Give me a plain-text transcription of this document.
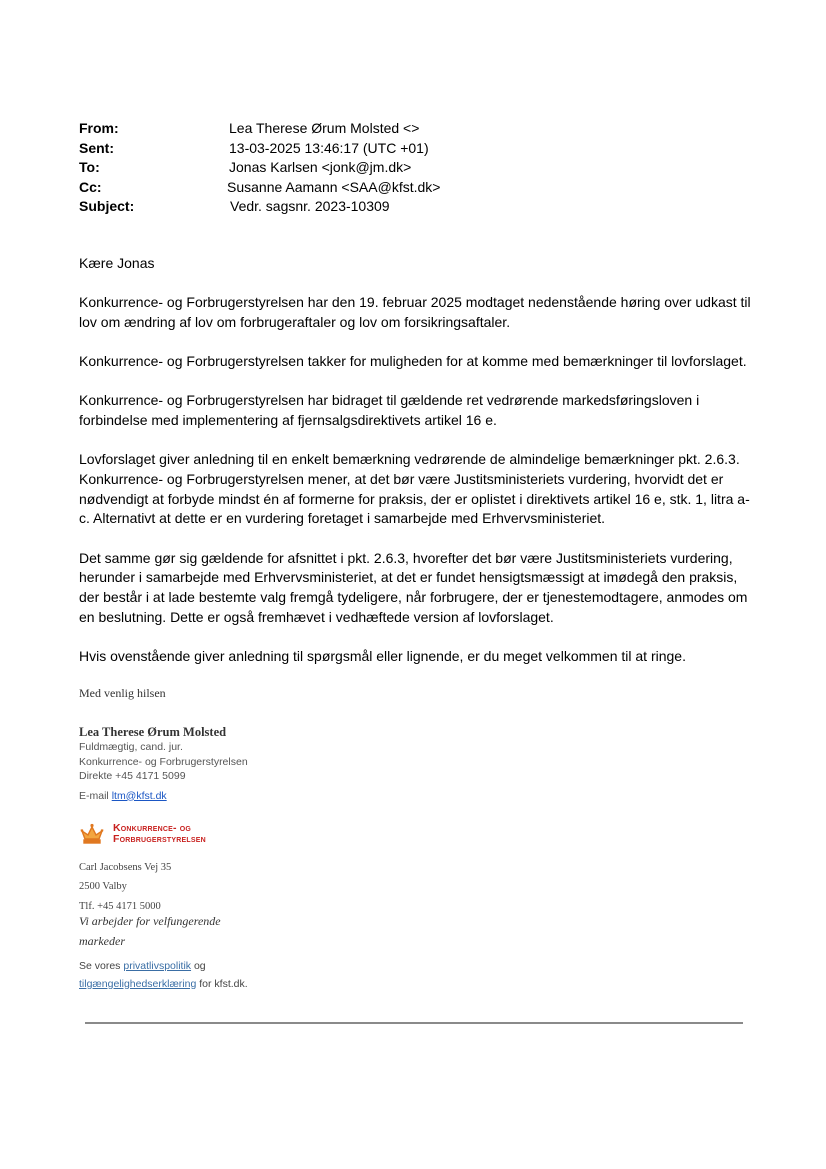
From:	Lea Therese Ørum Molsted <>
Sent:	13-03-2025 13:46:17 (UTC +01)
To:	Jonas Karlsen <jonk@jm.dk>
Cc:	Susanne Aamann <SAA@kfst.dk>
Subject:	Vedr. sagsnr. 2023-10309

Kære Jonas

Konkurrence- og Forbrugerstyrelsen har den 19. februar 2025 modtaget nedenstående høring over udkast til lov om ændring af lov om forbrugeraftaler og lov om forsikringsaftaler.

Konkurrence- og Forbrugerstyrelsen takker for muligheden for at komme med bemærkninger til lovforslaget.

Konkurrence- og Forbrugerstyrelsen har bidraget til gældende ret vedrørende markedsføringsloven i forbindelse med implementering af fjernsalgsdirektivets artikel 16 e.

Lovforslaget giver anledning til en enkelt bemærkning vedrørende de almindelige bemærkninger pkt. 2.6.3. Konkurrence- og Forbrugerstyrelsen mener, at det bør være Justitsministeriets vurdering, hvorvidt det er nødvendigt at forbyde mindst én af formerne for praksis, der er oplistet i direktivets artikel 16 e, stk. 1, litra a-c. Alternativt at dette er en vurdering foretaget i samarbejde med Erhvervsministeriet.

Det samme gør sig gældende for afsnittet i pkt. 2.6.3, hvorefter det bør være Justitsministeriets vurdering, herunder i samarbejde med Erhvervsministeriet, at det er fundet hensigtsmæssigt at imødegå den praksis, der består i at lade bestemte valg fremgå tydeligere, når forbrugere, der er tjenestemodtagere, anmodes om en beslutning. Dette er også fremhævet i vedhæftede version af lovforslaget.

Hvis ovenstående giver anledning til spørgsmål eller lignende, er du meget velkommen til at ringe.

Med venlig hilsen
Lea Therese Ørum Molsted
Fuldmægtig, cand. jur.
Konkurrence- og Forbrugerstyrelsen
Direkte +45 4171 5099
E-mail ltm@kfst.dk
Konkurrence- og
Forbrugerstyrelsen
Carl Jacobsens Vej 35
2500 Valby
Tlf. +45 4171 5000
Vi arbejder for velfungerende
markeder
Se vores privatlivspolitik og
tilgængelighedserklæring for kfst.dk.
